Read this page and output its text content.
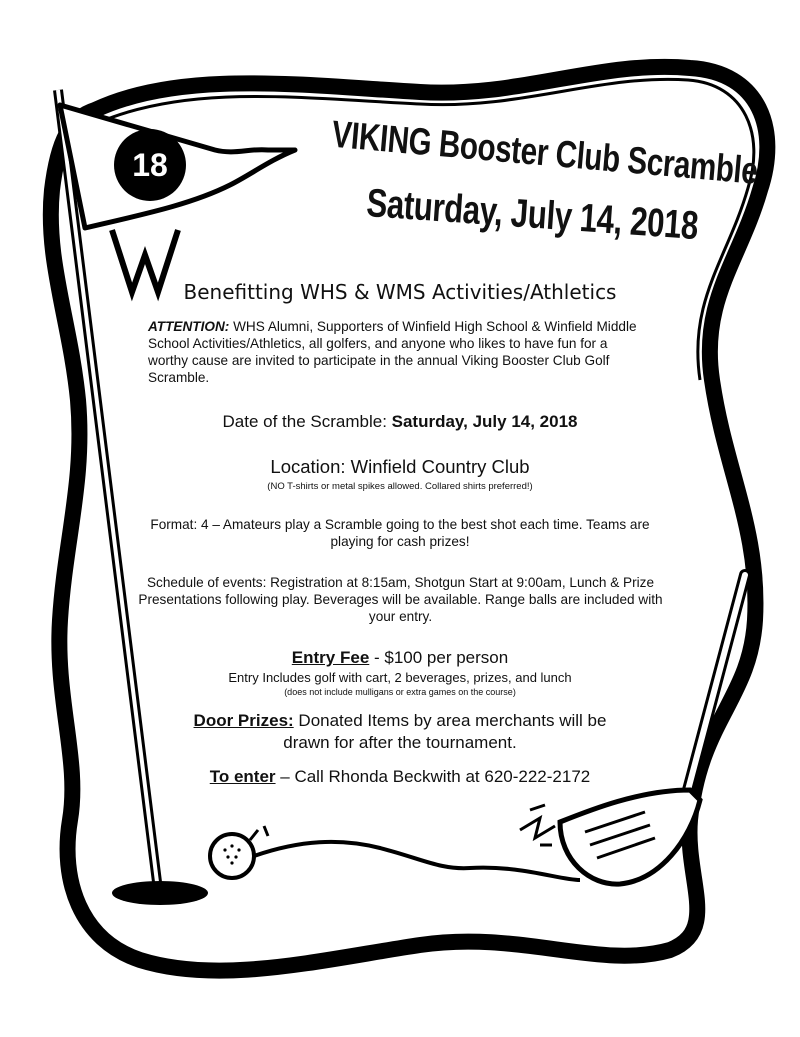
18	VIKING Booster Club Scramble
Saturday, July 14, 2018
Benefitting WHS & WMS Activities/Athletics
ATTENTION: WHS Alumni, Supporters of Winfield High School & Winfield Middle School Activities/Athletics, all golfers, and anyone who likes to have fun for a worthy cause are invited to participate in the annual Viking Booster Club Golf Scramble.
Date of the Scramble: Saturday, July 14, 2018
Location: Winfield Country Club
(NO T-shirts or metal spikes allowed. Collared shirts preferred!)
Format: 4 – Amateurs play a Scramble going to the best shot each time. Teams are playing for cash prizes!
Schedule of events: Registration at 8:15am, Shotgun Start at 9:00am, Lunch & Prize Presentations following play. Beverages will be available. Range balls are included with your entry.
Entry Fee - $100 per person
Entry Includes golf with cart, 2 beverages, prizes, and lunch
(does not include mulligans or extra games on the course)
Door Prizes: Donated Items by area merchants will be drawn for after the tournament.
To enter – Call Rhonda Beckwith at 620-222-2172
